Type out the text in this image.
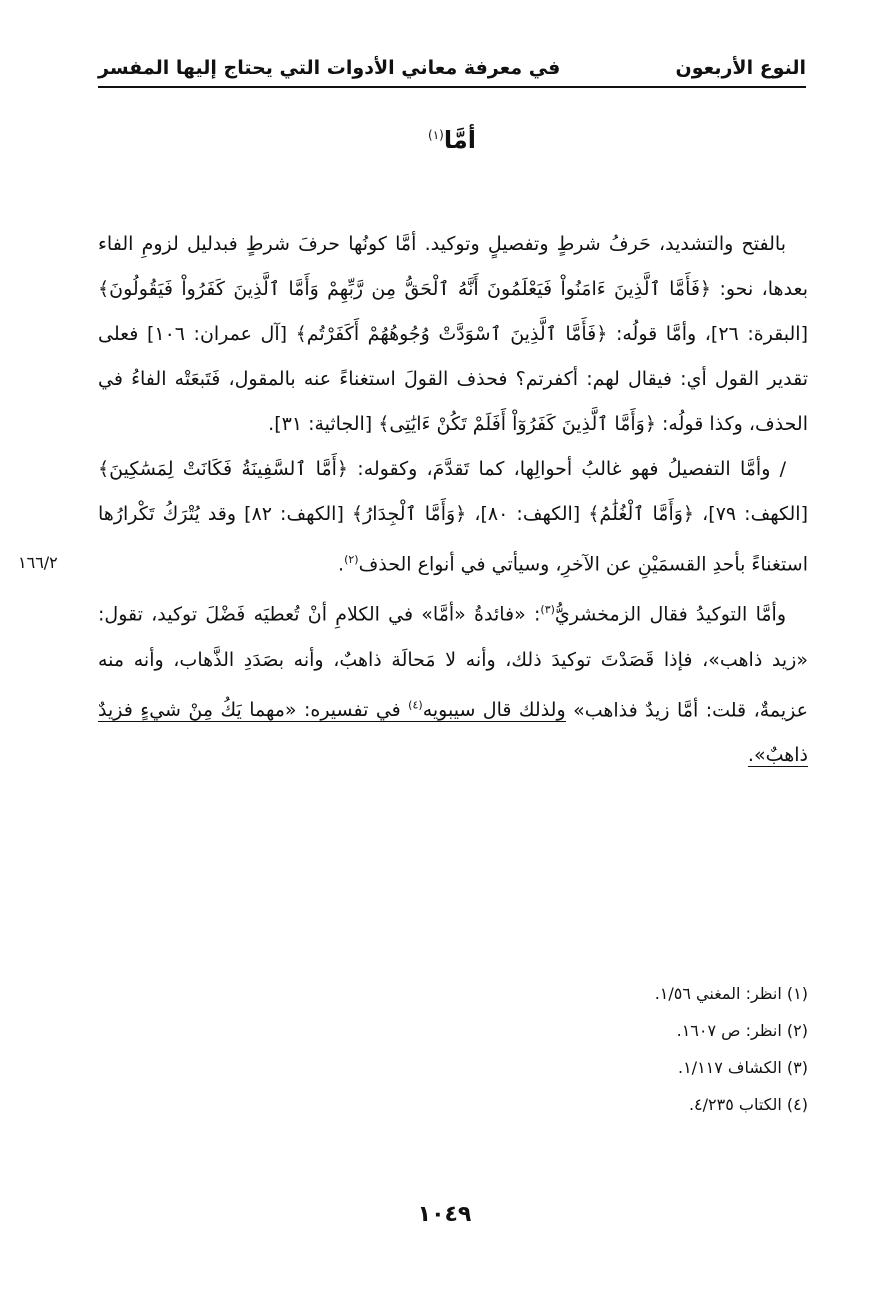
النوع الأربعون
في معرفة معاني الأدوات التي يحتاج إليها المفسر
أمَّا$^{(١)}$
١٦٦/٢

بالفتح والتشديد، حَرفُ شرطٍ وتفصيلٍ وتوكيد. أمَّا كونُها حرفَ شرطٍ فبدليل لزومِ الفاء بعدها، نحو: ﴿فَأَمَّا ٱلَّذِينَ ءَامَنُواْ فَيَعْلَمُونَ أَنَّهُ ٱلْحَقُّ مِن رَّبِّهِمْ وَأَمَّا ٱلَّذِينَ كَفَرُواْ فَيَقُولُونَ﴾ [البقرة: ٢٦]، وأمَّا قولُه: ﴿فَأَمَّا ٱلَّذِينَ ٱسْوَدَّتْ وُجُوهُهُمْ أَكَفَرْتُم﴾ [آل عمران: ١٠٦] فعلى تقدير القول أي: فيقال لهم: أكفرتم؟ فحذف القولَ استغناءً عنه بالمقول، فَتَبعَتْه الفاءُ في الحذف، وكذا قولُه: ﴿وَأَمَّا ٱلَّذِينَ كَفَرُوٓاْ أَفَلَمْ تَكُنْ ءَايَٰتِى﴾ [الجاثية: ٣١].

/ وأمَّا التفصيلُ فهو غالبُ أحوالِها، كما تَقدَّمَ، وكقوله: ﴿أَمَّا ٱلسَّفِينَةُ فَكَانَتْ لِمَسَٰكِينَ﴾ [الكهف: ٧٩]، ﴿وَأَمَّا ٱلْغُلَٰمُ﴾ [الكهف: ٨٠]، ﴿وَأَمَّا ٱلْجِدَارُ﴾ [الكهف: ٨٢] وقد يُتْرَكُ تَكْرارُها استغناءً بأحدِ القسمَيْنِ عن الآخرِ، وسيأتي في أنواع الحذف$^{(٢)}$.

وأمَّا التوكيدُ فقال الزمخشريُّ$^{(٣)}$: «فائدةُ «أمَّا» في الكلامِ أنْ تُعطيَه فَضْلَ توكيد، تقول: «زيد ذاهب»، فإذا قَصَدْتَ توكيدَ ذلك، وأنه لا مَحالَة ذاهبٌ، وأنه بصَدَدِ الذَّهاب، وأنه منه عزيمةٌ، قلت: أمَّا زيدٌ فذاهب» ولذلك قال سيبويه$^{(٤)}$ في تفسيره: «مهما يَكُ مِنْ شيءٍ فزيدٌ ذاهبٌ».

(١) انظر: المغني ١/٥٦.
(٢) انظر: ص ١٦٠٧.
(٣) الكشاف ١/١١٧.
(٤) الكتاب ٤/٢٣٥.
١٠٤٩
